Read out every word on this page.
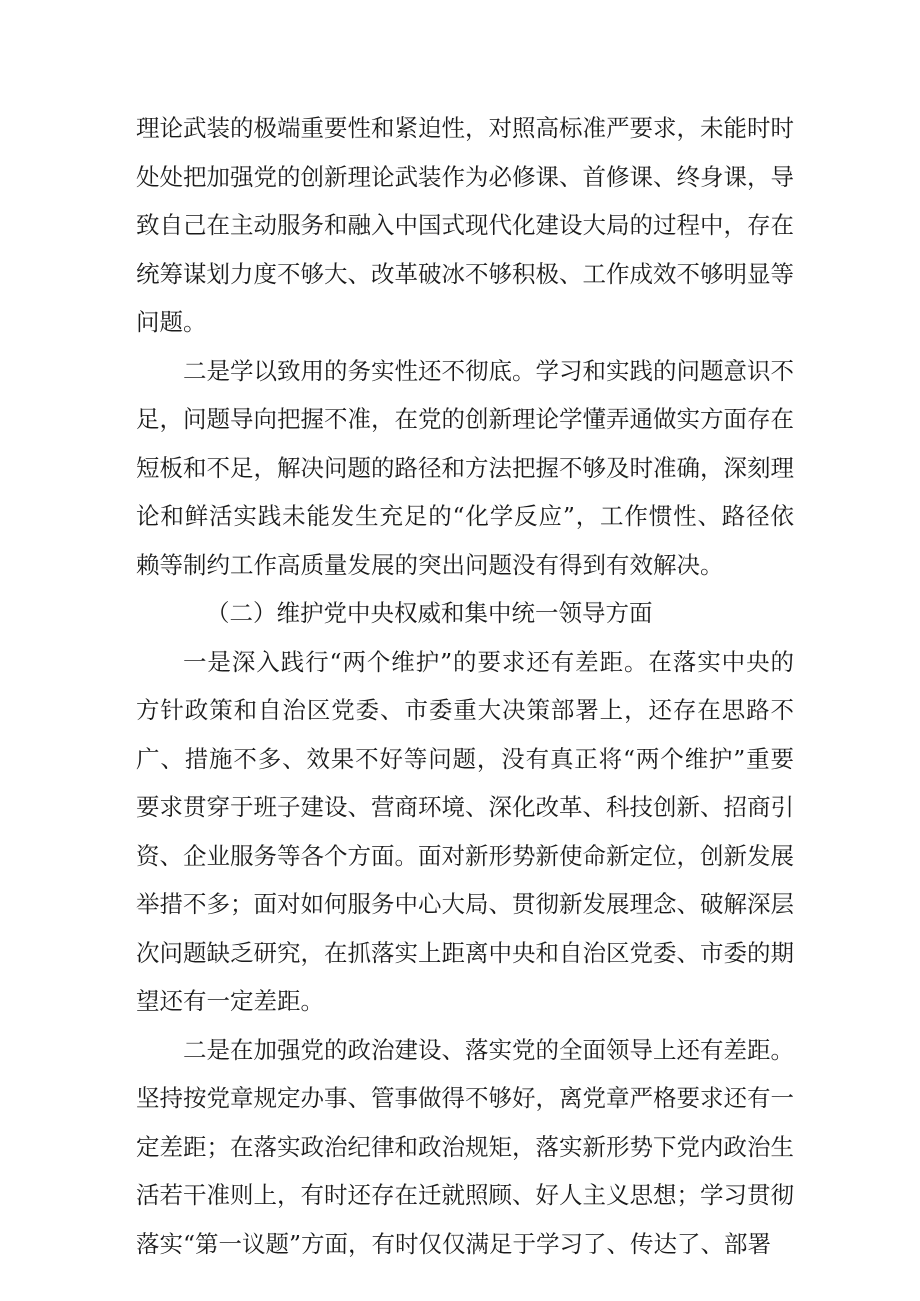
理论武装的极端重要性和紧迫性，对照高标准严要求，未能时时处处把加强党的创新理论武装作为必修课、首修课、终身课，导致自己在主动服务和融入中国式现代化建设大局的过程中，存在统筹谋划力度不够大、改革破冰不够积极、工作成效不够明显等问题。

二是学以致用的务实性还不彻底。学习和实践的问题意识不足，问题导向把握不准，在党的创新理论学懂弄通做实方面存在短板和不足，解决问题的路径和方法把握不够及时准确，深刻理论和鲜活实践未能发生充足的“化学反应”，工作惯性、路径依赖等制约工作高质量发展的突出问题没有得到有效解决。

（二）维护党中央权威和集中统一领导方面

一是深入践行“两个维护”的要求还有差距。在落实中央的方针政策和自治区党委、市委重大决策部署上，还存在思路不广、措施不多、效果不好等问题，没有真正将“两个维护”重要要求贯穿于班子建设、营商环境、深化改革、科技创新、招商引资、企业服务等各个方面。面对新形势新使命新定位，创新发展举措不多；面对如何服务中心大局、贯彻新发展理念、破解深层次问题缺乏研究，在抓落实上距离中央和自治区党委、市委的期望还有一定差距。

二是在加强党的政治建设、落实党的全面领导上还有差距。坚持按党章规定办事、管事做得不够好，离党章严格要求还有一定差距；在落实政治纪律和政治规矩，落实新形势下党内政治生活若干准则上，有时还存在迁就照顾、好人主义思想；学习贯彻落实“第一议题”方面，有时仅仅满足于学习了、传达了、部署
